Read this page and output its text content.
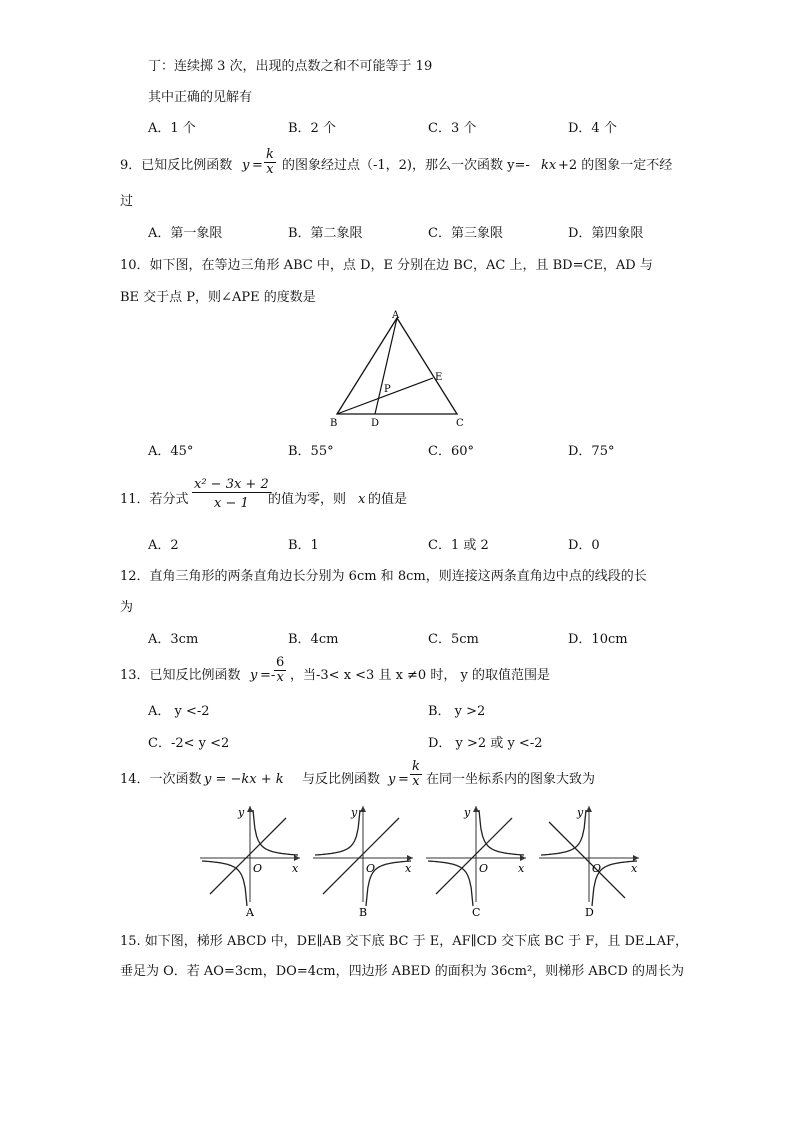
丁：连续掷 3 次，出现的点数之和不可能等于 19
其中正确的见解有
A．1 个	B．2 个	C．3 个	D．4 个
9．已知反比例函数 $y = \frac{k}{x}$ 的图象经过点（-1，2)，那么一次函数 y=- kx +2 的图象一定不经
过
A．第一象限	B．第二象限	C．第三象限	D．第四象限
10．如下图，在等边三角形 ABC 中，点 D，E 分别在边 BC，AC 上，且 BD=CE，AD 与
BE 交于点 P，则∠APE 的度数是
A
B	C
D
E
P
A．45°	B．55°	C．60°	D．75°
11．若分式 $\frac{\text{x² − 3x + 2}}{x - 1}$
的值为零，则 x 的值是
A．2	B．1	C．1 或 2	D．0
12．直角三角形的两条直角边长分别为 6cm 和 8cm，则连接这两条直角边中点的线段的长
为
A．3cm	B．4cm	C．5cm	D．10cm
13．已知反比例函数 y =-
$\frac{6}{x}$ ，当-3< x <3 且 x ≠0 时， y 的取值范围是
A． y <-2	B． y >2
C．-2< y <2	D． y >2 或 y <-2
14．一次函数 y = −kx + k 与反比例函数 $y = \frac{k}{x}$ 在同一坐标系内的图象大致为
y
x
O
A
y
x
O
B
y
x
O
C
y
x
O
D
15. 如下图，梯形 ABCD 中，DE∥AB 交下底 BC 于 E，AF∥CD 交下底 BC 于 F，且 DE⊥AF，
垂足为 O．若 AO=3cm，DO=4cm，四边形 ABED 的面积为 36cm²，则梯形 ABCD 的周长为
